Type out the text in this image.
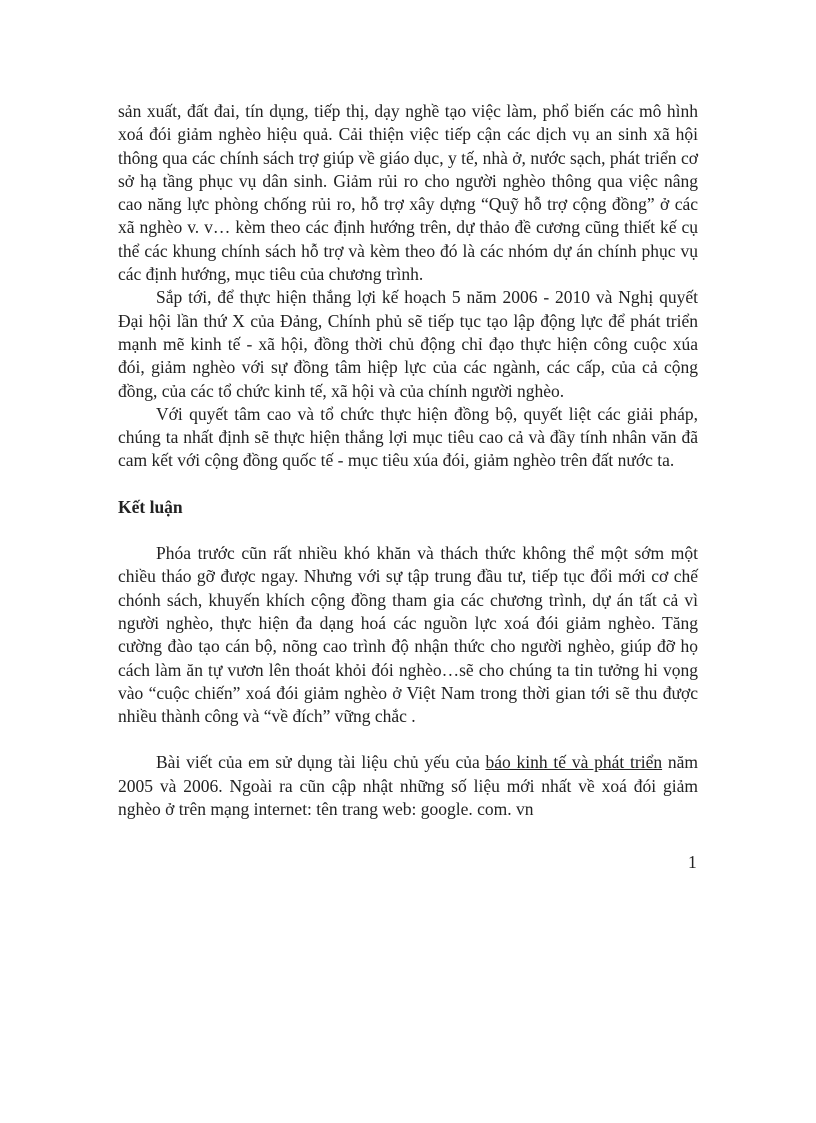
sản xuất, đất đai, tín dụng, tiếp thị, dạy nghề tạo việc làm, phổ biến các mô hình xoá đói giảm nghèo hiệu quả. Cải thiện việc tiếp cận các dịch vụ an sinh xã hội thông qua các chính sách trợ giúp về giáo dục, y tế, nhà ở, nước sạch, phát triển cơ sở hạ tầng phục vụ dân sinh. Giảm rủi ro cho người nghèo thông qua việc nâng cao năng lực phòng chống rủi ro, hỗ trợ xây dựng “Quỹ hỗ trợ cộng đồng” ở các xã nghèo v. v… kèm theo các định hướng trên, dự thảo đề cương cũng thiết kế cụ thể các khung chính sách hỗ trợ và kèm theo đó là các nhóm dự án chính phục vụ các định hướng, mục tiêu của chương trình.

Sắp tới, để thực hiện thắng lợi kế hoạch 5 năm 2006 - 2010 và Nghị quyết Đại hội lần thứ X của Đảng, Chính phủ sẽ tiếp tục tạo lập động lực để phát triển mạnh mẽ kinh tế - xã hội, đồng thời chủ động chỉ đạo thực hiện công cuộc xúa đói, giảm nghèo với sự đồng tâm hiệp lực của các ngành, các cấp, của cả cộng đồng, của các tổ chức kinh tế, xã hội và của chính người nghèo.

Với quyết tâm cao và tổ chức thực hiện đồng bộ, quyết liệt các giải pháp, chúng ta nhất định sẽ thực hiện thắng lợi mục tiêu cao cả và đầy tính nhân văn đã cam kết với cộng đồng quốc tế - mục tiêu xúa đói, giảm nghèo trên đất nước ta.

Kết luận

Phóa trước cũn rất nhiều khó khăn và thách thức không thể một sớm một chiều tháo gỡ được ngay. Nhưng với sự tập trung đầu tư, tiếp tục đổi mới cơ chế chónh sách, khuyến khích cộng đồng tham gia các chương trình, dự án tất cả vì người nghèo, thực hiện đa dạng hoá các nguồn lực xoá đói giảm nghèo. Tăng cường đào tạo cán bộ, nõng cao trình độ nhận thức cho người nghèo, giúp đỡ họ cách làm ăn tự vươn lên thoát khỏi đói nghèo…sẽ cho chúng ta tin tưởng hi vọng vào “cuộc chiến” xoá đói giảm nghèo ở Việt Nam trong thời gian tới sẽ thu được nhiều thành công và “về đích” vững chắc .

Bài viết của em sử dụng tài liệu chủ yếu của báo kinh tế và phát triển năm 2005 và 2006. Ngoài ra cũn cập nhật những số liệu mới nhất về xoá đói giảm nghèo ở trên mạng internet: tên trang web: google. com. vn

1
